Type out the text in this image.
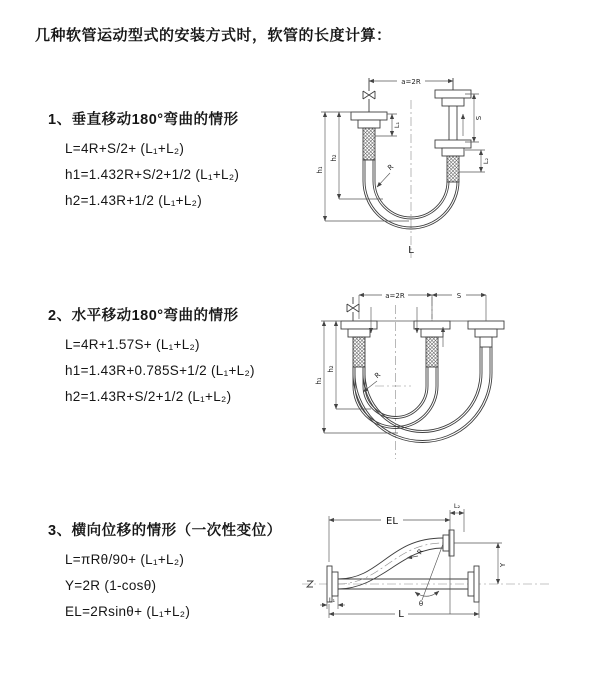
几种软管运动型式的安装方式时，软管的长度计算：
1、垂直移动180°弯曲的情形
L=4R+S/2+ (L₁+L₂)
h1=1.432R+S/2+1/2 (L₁+L₂)
h2=1.43R+1/2 (L₁+L₂)
2、水平移动180°弯曲的情形
L=4R+1.57S+ (L₁+L₂)
h1=1.43R+0.785S+1/2 (L₁+L₂)
h2=1.43R+S/2+1/2 (L₁+L₂)
3、横向位移的情形（一次性变位）
L=πRθ/90+ (L₁+L₂)
Y=2R (1-cosθ)
EL=2Rsinθ+ (L₁+L₂)
a=2R
S
L₂
L₁
h₁
h₂
R
L
a=2R	S
h₁
h₂
R
EL
L₂
Y
L
L₁
R
θ
